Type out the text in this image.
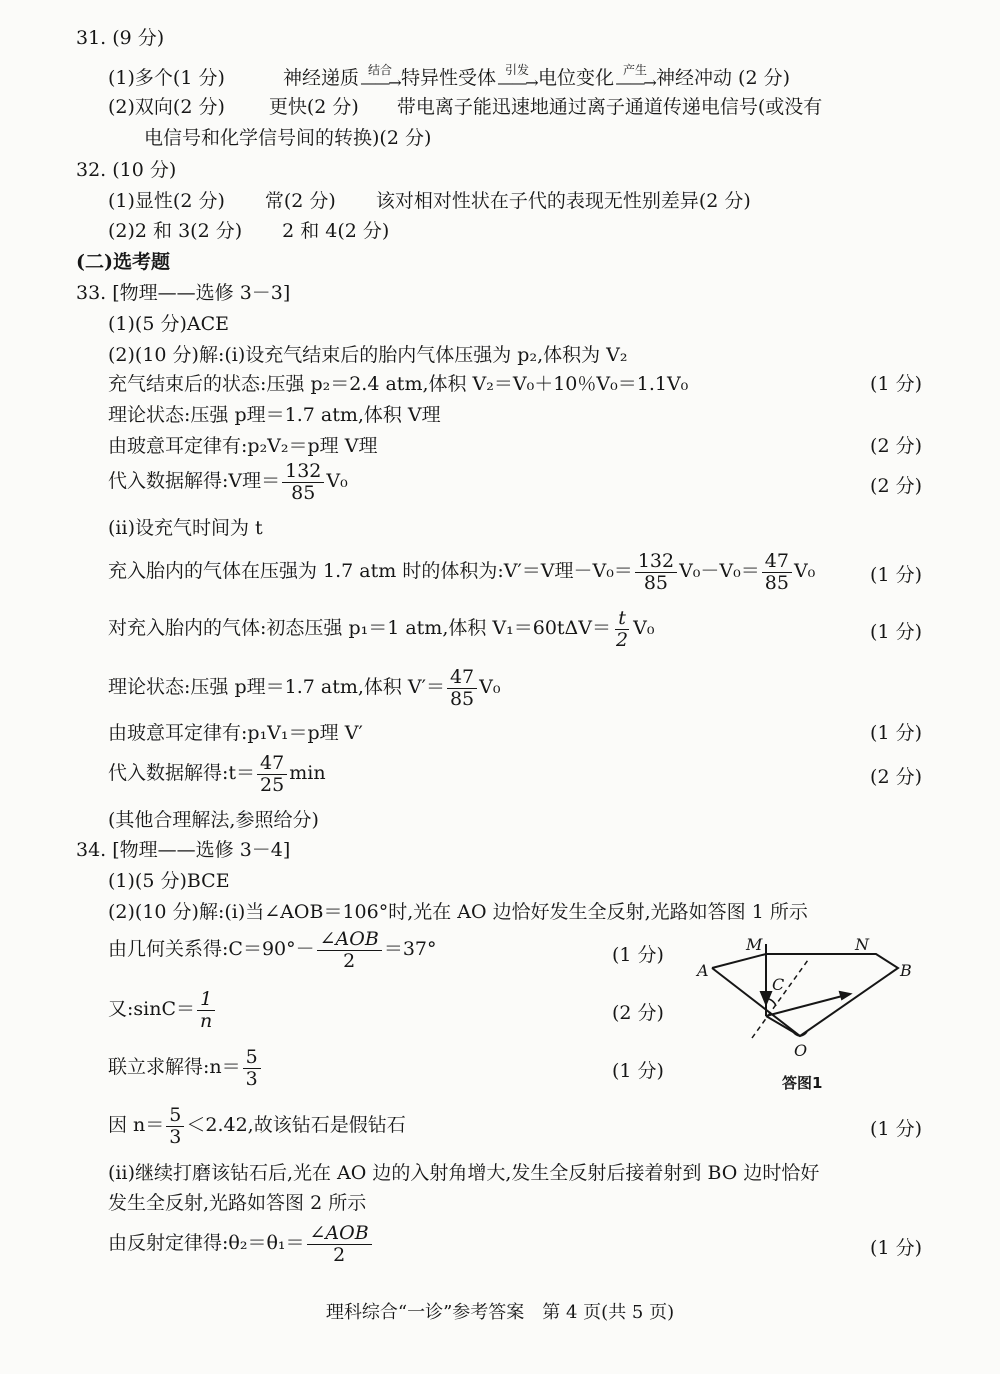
31. (9 分)
(1)多个(1 分)	神经递质 结合
——→ 特异性受体 引发
——→ 电位变化 产生
——→ 神经冲动 (2 分)
(2)双向(2 分) 更快(2 分) 带电离子能迅速地通过离子通道传递电信号(或没有
电信号和化学信号间的转换)(2 分)
32. (10 分)
(1)显性(2 分) 常(2 分) 该对相对性状在子代的表现无性别差异(2 分)
(2)2 和 3(2 分) 2 和 4(2 分)
(二)选考题
33. [物理——选修 3－3]
(1)(5 分)ACE
(2)(10 分)解:(ⅰ)设充气结束后的胎内气体压强为 p₂,体积为 V₂
充气结束后的状态:压强 p₂＝2.4 atm,体积 V₂＝V₀＋10％V₀＝1.1V₀	(1 分)
理论状态:压强 p理＝1.7 atm,体积 V理
由玻意耳定律有:p₂V₂＝p理 V理	(2 分)
代入数据解得:V理＝ $\frac{132}{85} V_0$	(2 分)
(ⅱ)设充气时间为 t
充入胎内的气体在压强为 1.7 atm 时的体积为:V′＝V理$-V_0= \frac{132}{85} V_0-V_0= \frac{47}{85} V_0$	(1 分)
对充入胎内的气体:初态压强 p₁＝1 atm,体积 $V_1=60t\Delta V= \frac{t}{2} V_0$	(1 分)
理论状态:压强 p理＝1.7 atm,体积 $V'= \frac{47}{85} V_0$
由玻意耳定律有:p₁V₁＝p理 V′	(1 分)
代入数据解得:t＝ $\frac{47}{25}$ min	(2 分)
(其他合理解法,参照给分)
34. [物理——选修 3－4]
(1)(5 分)BCE
(2)(10 分)解:(ⅰ)当∠AOB＝106°时,光在 AO 边恰好发生全反射,光路如答图 1 所示
由几何关系得:C＝90°－ $\frac{\text{∠AOB}}{2} =37^\circ$	(1 分)
又:sinC＝ $\frac{1}{n}$	(2 分)
联立求解得:n＝ $\frac{5}{3}$	(1 分)
因 $n= \frac{5}{3} <2.42$,故该钻石是假钻石	(1 分)
(ⅱ)继续打磨该钻石后,光在 AO 边的入射角增大,发生全反射后接着射到 BO 边时恰好
发生全反射,光路如答图 2 所示
由反射定律得:θ₂＝θ₁＝ $\frac{\text{∠AOB}}{2}$	(1 分)
M	N
A	B
C
O
答图1
理科综合“一诊”参考答案　第 4 页(共 5 页)
